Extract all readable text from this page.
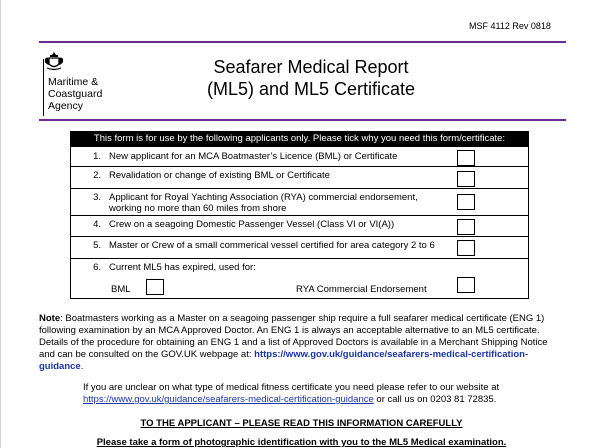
MSF 4112 Rev 0818
Maritime &
Coastguard
Agency
Seafarer Medical Report
(ML5) and ML5 Certificate
This form is for use by the following applicants only. Please tick why you need this form/certificate:
1. New applicant for an MCA Boatmaster’s Licence (BML) or Certificate
2. Revalidation or change of existing BML or Certificate
3. Applicant for Royal Yachting Association (RYA) commercial endorsement, working no more than 60 miles from shore
4. Crew on a seagoing Domestic Passenger Vessel (Class VI or VI(A))
5. Master or Crew of a small commerical vessel certified for area category 2 to 6
6. Current ML5 has expired, used for:
BML	RYA Commercial Endorsement
Note: Boatmasters working as a Master on a seagoing passenger ship require a full seafarer medical certificate (ENG 1) following examination by an MCA Approved Doctor. An ENG 1 is always an acceptable alternative to an ML5 certificate. Details of the procedure for obtaining an ENG 1 and a list of Approved Doctors is available in a Merchant Shipping Notice and can be consulted on the GOV.UK webpage at: https://www.gov.uk/guidance/seafarers-medical-certification-guidance.
If you are unclear on what type of medical fitness certificate you need please refer to our website at
https://www.gov.uk/guidance/seafarers-medical-certification-guidance or call us on 0203 81 72835.
TO THE APPLICANT – PLEASE READ THIS INFORMATION CAREFULLY
Please take a form of photographic identification with you to the ML5 Medical examination.
